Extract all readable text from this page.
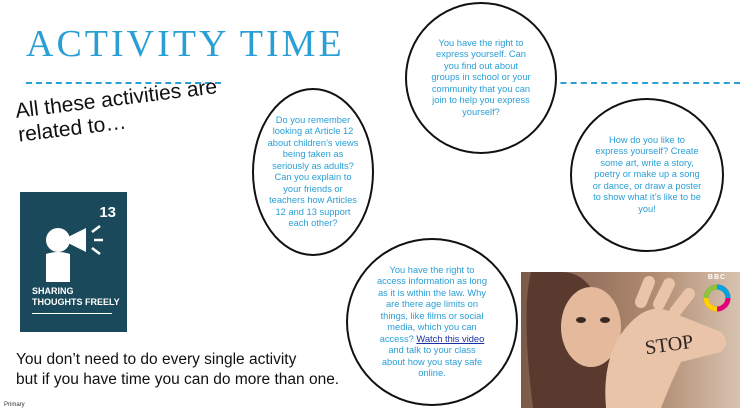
ACTIVITY TIME
All these activities are related to…
13
SHARING
THOUGHTS FREELY
You have the right to express yourself. Can you find out about groups in school or your community that you can join to help you express yourself?
Do you remember looking at Article 12 about children’s views being taken as seriously as adults? Can you explain to your friends or teachers how Articles 12 and 13 support each other?
How do you like to express yourself? Create some art, write a story, poetry or make up a song or dance, or draw a poster to show what it’s like to be you!
You have the right to access information as long as it is within the law. Why are there age limits on things, like films or social media, which you can access? Watch this video and talk to your class about how you stay safe online.
STOP
BBC
You don’t need to do every single activity
but if you have time you can do more than one.
Primary
